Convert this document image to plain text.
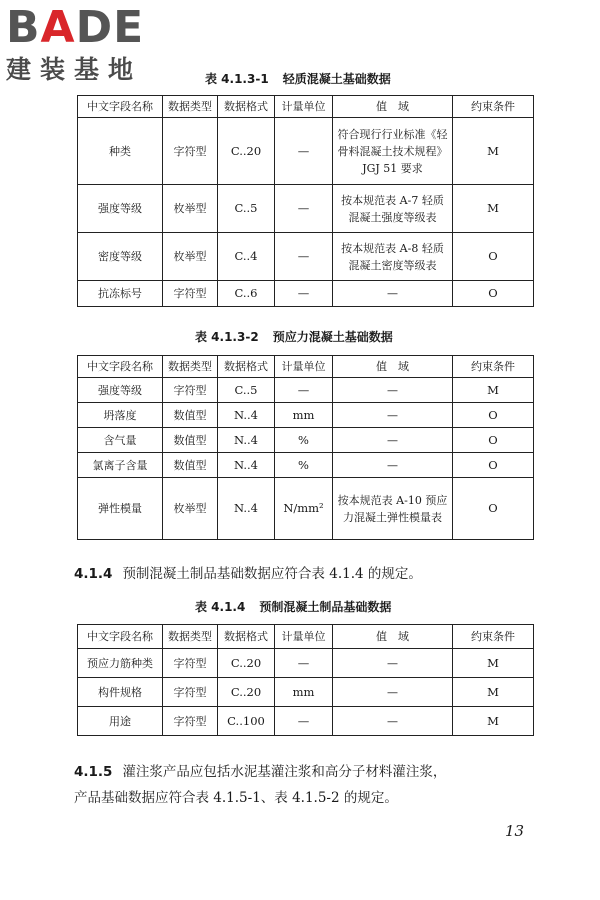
BADE
建装基地	表 4.1.3-1 轻质混凝土基础数据
中文字段名称	数据类型	数据格式	计量单位	值　域	约束条件
种类	字符型	C..20	—	符合现行行业标准《轻骨料混凝土技术规程》JGJ 51 要求	M
强度等级	枚举型	C..5	—	按本规范表 A-7 轻质混凝土强度等级表	M
密度等级	枚举型	C..4	—	按本规范表 A-8 轻质混凝土密度等级表	O
抗冻标号	字符型	C..6	—	—	O
表 4.1.3-2 预应力混凝土基础数据
中文字段名称	数据类型	数据格式	计量单位	值　域	约束条件
强度等级	字符型	C..5	—	—	M
坍落度	数值型	N..4	mm	—	O
含气量	数值型	N..4	%	—	O
氯离子含量	数值型	N..4	%	—	O
弹性模量	枚举型	N..4	N/mm²	按本规范表 A-10 预应力混凝土弹性模量表	O
4.1.4 预制混凝土制品基础数据应符合表 4.1.4 的规定。
表 4.1.4 预制混凝土制品基础数据
中文字段名称	数据类型	数据格式	计量单位	值　域	约束条件
预应力筋种类	字符型	C..20	—	—	M
构件规格	字符型	C..20	mm	—	M
用途	字符型	C..100	—	—	M
4.1.5 灌注浆产品应包括水泥基灌注浆和高分子材料灌注浆，
产品基础数据应符合表 4.1.5-1、表 4.1.5-2 的规定。
13
